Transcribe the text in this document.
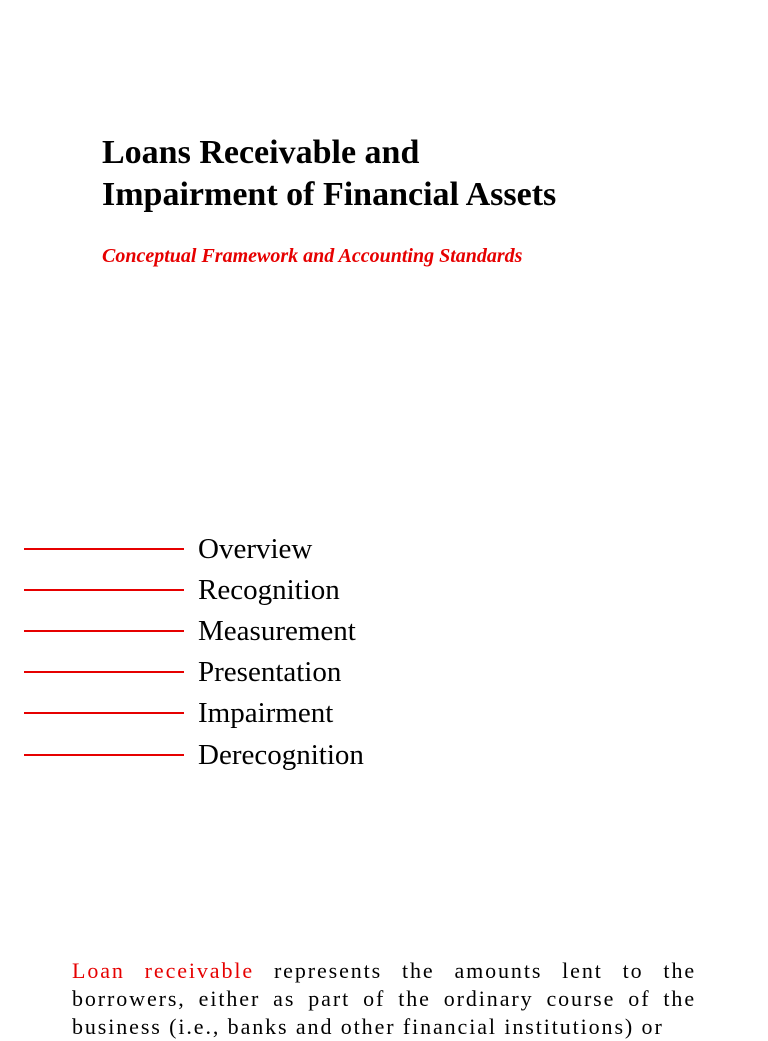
Loans Receivable and
Impairment of Financial Assets

Conceptual Framework and Accounting Standards

Overview
Recognition
Measurement
Presentation
Impairment
Derecognition

Loan receivable represents the amounts lent to the borrowers, either as part of the ordinary course of the business (i.e., banks and other financial institutions) or
